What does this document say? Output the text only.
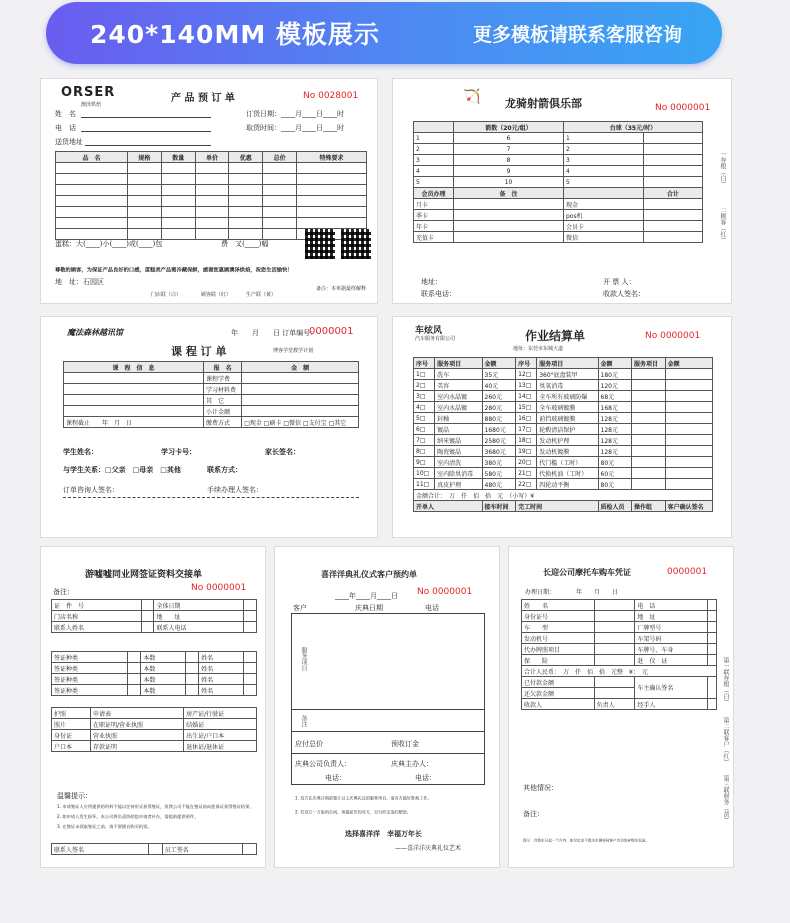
240*140MM 模板展示	更多模板请联系客服咨询
ORSER
澳泽烘焙
产 品 预 订 单	No 0028001
姓　名
电　话
送货地址
订货日期：____月____日____时
取货时间：____月____日____时
品　名	规格	数量	单价	优惠	总价	特殊要求

蛋糕：大(____)小(____)或(____)包	费　又(____)幅
尊敬的顾客，为保证产品良好的口感，蛋糕类产品需冷藏保鲜，感谢您惠顾澳泽烘焙，祝您生活愉快！
地　址：石园区
门店联（白）	顾客联（红）	生产联（黄）
备注：本单据最终解释
🏹 龙骑射箭俱乐部	No 0000001
	箭数（20元/组）	台球（35元/时）	
1	6	1	
2	7	2	
3	8	3	
4	9	4	
5	10	5	
会员办理	备　注		合计
月卡		现金	
季卡		pos机	
年卡		会员卡	
充值卡		微信	
地址：
联系电话：
开 票 人：
收款人签名：
一存根（白）
二顾客（红）
魔法森林越讯馆	年　　月　　日 订单编号：
0000001
课 程 订 单	博客学堂教学计划
课　程　信　息	报　名	金　额
	课程学费	
	学习材料费	
	其　它	
	小计金额	
课程截止　　 年　 月　 日	缴费方式	□现金 □刷卡 □微信 □支付宝 □其它
学生姓名：	学习卡号：	家长签名：
与学生关系：□父亲　□母亲　□其他	联系方式：
订单咨询人签名：	手续办理人签名：
车炫风
汽车服务有限公司	作业结算单	No 0000001
地址：东莞市东城大道
序号	服务项目	金额	序号	服务项目	金额	服务项目	金额
1□	洗车	35元	12□	360°底盘装甲	180元		
2□	美容	40元	13□	臭氧消毒	120元		
3□	室内水晶镀	260元	14□	全车所有玻璃防爆	68元		
4□	室内水晶镀	280元	15□	全车玻璃镀膜	168元		
5□	封釉	880元	16□	前挡玻璃镀膜	128元		
6□	镀晶	1680元	17□	轮毂清洁保护	128元		
7□	纳米镀晶	2580元	18□	发动机护理	128元		
8□	陶瓷镀晶	3680元	19□	发动机镀膜	128元		
9□	室内清洗	380元	20□	代门槛（工时）	80元		
10□	室内除臭消毒	580元	21□	代换机油（工时）	60元		
11□	真皮护理	480元	22□	四轮动平衡	80元		
金额合计：　 万　 仟　 佰　 拾　 元　 （小写）¥							
开单人		接车时间	完工时间		质检人员	操作组	客户确认签名
游嘘嘘同业网签证资料交接单
备注：	No 0000001
证　件　号		全体日期	
门店名称		地　　址	
联系人姓名		联系人电话	
签证种类		本数		姓名	
签证种类		本数		姓名	
签证种类		本数		姓名	
签证种类		本数		姓名	
护照	申请表	房产证/行驶证
照片	在职证明/营业执照	结婚证
身份证	营业执照	出生证/户口本
户口本	存款证明	退休证/退休证
温馨提示：
1. 申请签证人应所提供的资料不能以任何形式获得签证，但我公司不能在签证前向您保证获得签证结果。
2. 如申请人发生损坏，本公司将负责协助您申请者补办，需提前提供原件。
3. 在签证未领取签证之前，请不要擅自购买机票。
联系人签名		员工签名	
喜洋洋典礼仪式客户预约单
____年____月____日 No 0000001
客户	庆典日期	电话
服务项目
备注
应付总价	预收订金
庆典公司负责人：	庆典主办人：
电话：	电话：
1. 双方在庆典日期前签订以上庆典礼仪的服务项目，请各方做好准备工作。
2. 若双方一方取消合同，须提前告知对方，另行约定违约赔偿。
选择喜洋洋　幸福万年长
——喜洋洋庆典礼仪艺术
长迎公司摩托车购车凭证	0000001
办理日期：　　　　年　　月　　日
姓　　名		电　话	
身份证号		地　址	
车　　型		厂牌型号	
发动机号		车架号码	
代办牌照项目		车牌号、车身	
保　　险		赶　仅　证	
合计人民币：　万　仟　佰　拾　元整　¥：　元			
已付款金额		车主确认签名	
还欠款金额			
收款人	负责人	经手人	
其他情况：
备注：
提示：自购车日起一个月内，如付定金不提走车辆视同客户自动放弃购车权益。
第一联存根（白）
第二联客户（红）
第三联财务（黄）
